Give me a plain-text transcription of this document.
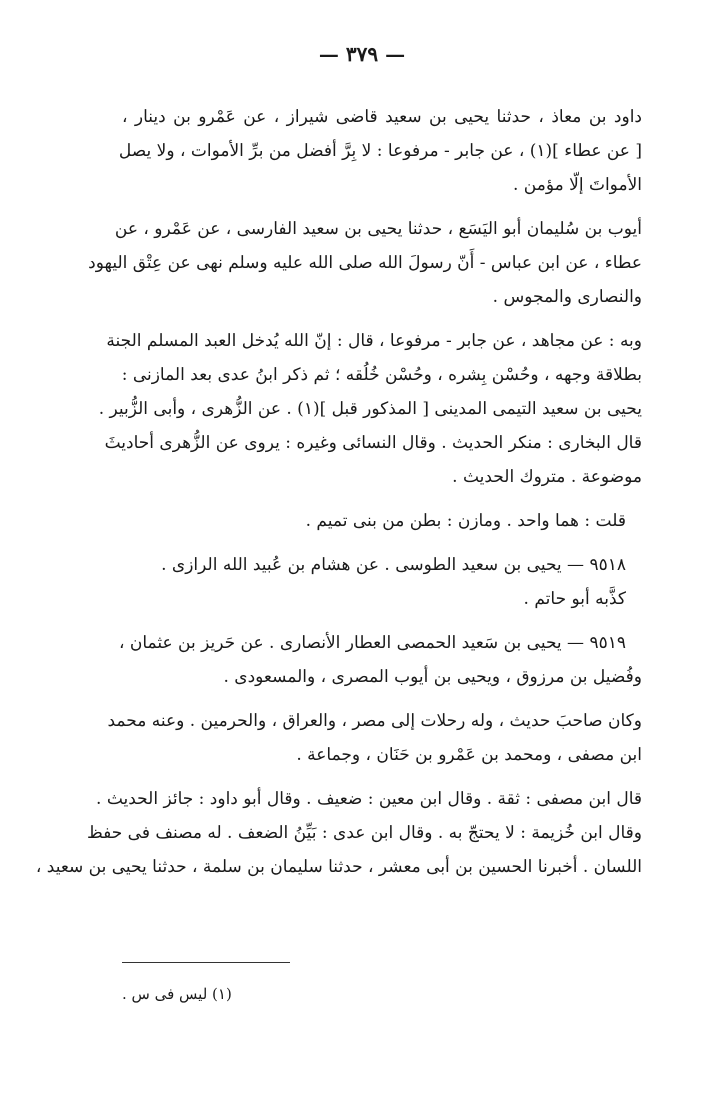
— ٣٧٩ —
داود بن معاذ ، حدثنا يحيى بن سعيد قاضى شيراز ، عن عَمْرو بن دينار ،
[ عن عطاء ](١) ، عن جابر - مرفوعا : لا بِرَّ أفضل من برِّ الأموات ، ولا يصل
الأمواتَ إلّا مؤمن .
أيوب بن سُليمان أبو اليَسَع ، حدثنا يحيى بن سعيد الفارسى ، عن عَمْرو ، عن
عطاء ، عن ابن عباس - أَنّ رسولَ الله صلى الله عليه وسلم نهى عن عِتْق اليهود
والنصارى والمجوس .
وبه : عن مجاهد ، عن جابر - مرفوعا ، قال : إنّ الله يُدخل العبد المسلم الجنة
بطلاقة وجهه ، وحُسْن بِشره ، وحُسْن خُلُقه ؛ ثم ذكر ابنُ عدى بعد المازنى :
يحيى بن سعيد التيمى المدينى [ المذكور قبل ](١) . عن الزُّهرى ، وأبى الزُّبير .
قال البخارى : منكر الحديث . وقال النسائى وغيره : يروى عن الزُّهرى أحاديثَ
موضوعة . متروك الحديث .
قلت : هما واحد . ومازن : بطن من بنى تميم .
٩٥١٨ — يحيى بن سعيد الطوسى . عن هشام بن عُبيد الله الرازى .
كذَّبه أبو حاتم .
٩٥١٩ — يحيى بن سَعيد الحمصى العطار الأنصارى . عن حَريز بن عثمان ،
وفُضيل بن مرزوق ، ويحيى بن أيوب المصرى ، والمسعودى .
وكان صاحبَ حديث ، وله رحلات إلى مصر ، والعراق ، والحرمين . وعنه محمد
ابن مصفى ، ومحمد بن عَمْرو بن حَنَان ، وجماعة .
قال ابن مصفى : ثقة . وقال ابن معين : ضعيف . وقال أبو داود : جائز الحديث .
وقال ابن خُزيمة : لا يحتجّ به . وقال ابن عدى : بَيِّنُ الضعف . له مصنف فى حفظ
اللسان . أخبرنا الحسين بن أبى معشر ، حدثنا سليمان بن سلمة ، حدثنا يحيى بن سعيد ،
(١) ليس فى س .
